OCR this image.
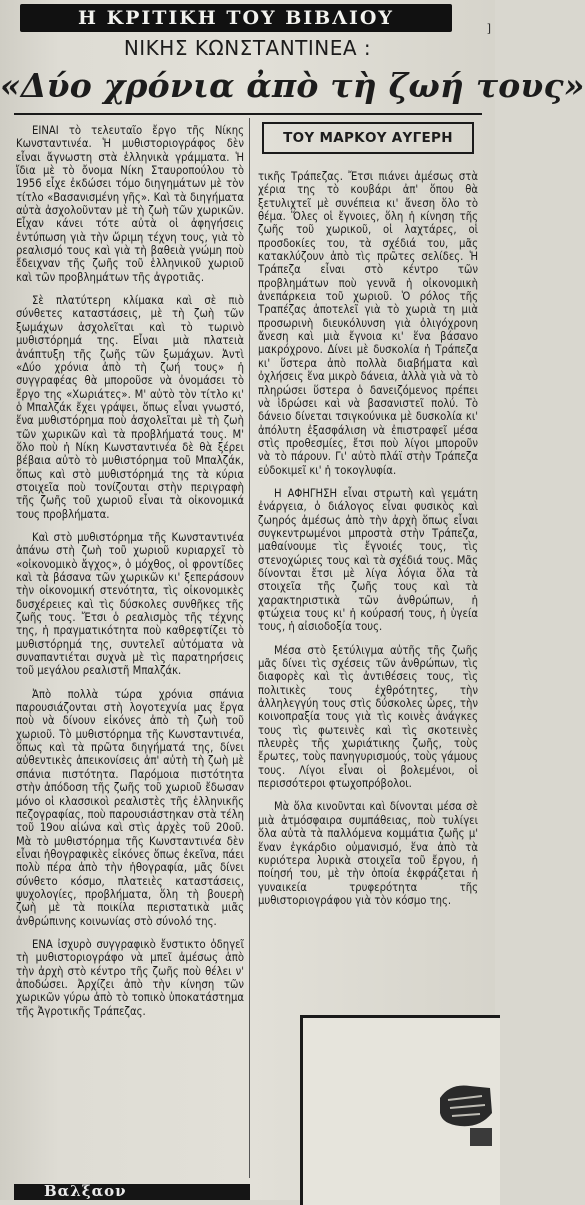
Η ΚΡΙΤΙΚΗ ΤΟΥ ΒΙΒΛΙΟΥ	]
ΝΙΚΗΣ ΚΩΝΣΤΑΝΤΙΝΕΑ :
«Δύο χρόνια ἀπὸ τὴ ζωή τους»

ΕΙΝΑΙ τὸ τελευταῖο ἔργο τῆς Νίκης Κωνσταντινέα. Ἡ μυθιστοριογράφος δὲν εἶναι ἄγνωστη στὰ ἑλληνικὰ γράμματα. Ἡ ἴδια μὲ τὸ ὄνομα Νίκη Σταυροπούλου τὸ 1956 εἶχε ἐκδώσει τόμο διηγημάτων μὲ τὸν τίτλο «Βασανισμένη γῆς». Καὶ τὰ διηγήματα αὐτὰ ἀσχολοῦνταν μὲ τὴ ζωὴ τῶν χωρικῶν. Εἶχαν κάνει τότε αὐτὰ οἱ ἀφηγήσεις ἐντύπωση γιὰ τὴν ὥριμη τέχνη τους, γιὰ τὸ ρεαλισμό τους καὶ γιὰ τὴ βαθειὰ γνώμη ποὺ ἔδειχναν τῆς ζωῆς τοῦ ἑλληνικοῦ χωριοῦ καὶ τῶν προβλημάτων τῆς ἀγροτιᾶς.

Σὲ πλατύτερη κλίμακα καὶ σὲ πιὸ σύνθετες καταστάσεις, μὲ τὴ ζωὴ τῶν ξωμάχων ἀσχολεῖται καὶ τὸ τωρινὸ μυθιστόρημά της. Εἶναι μιὰ πλατειὰ ἀνάπτυξη τῆς ζωῆς τῶν ξωμάχων. Ἀντὶ «Δύο χρόνια ἀπὸ τὴ ζωή τους» ἡ συγγραφέας θὰ μποροῦσε νὰ ὀνομάσει τὸ ἔργο της «Χωριάτες». Μ' αὐτὸ τὸν τίτλο κι' ὁ Μπαλζάκ ἔχει γράψει, ὅπως εἶναι γνωστό, ἕνα μυθιστόρημα ποὺ ἀσχολεῖται μὲ τὴ ζωὴ τῶν χωρικῶν καὶ τὰ προβλήματά τους. Μ' ὅλο ποὺ ἡ Νίκη Κωνσταντινέα δὲ θὰ ξέρει βέβαια αὐτὸ τὸ μυθιστόρημα τοῦ Μπαλζάκ, ὅπως καὶ στὸ μυθιστόρημά της τὰ κύρια στοιχεῖα ποὺ τονίζουται στὴν περιγραφὴ τῆς ζωῆς τοῦ χωριοῦ εἶναι τὰ οἰκονομικά τους προβλήματα.

Καὶ στὸ μυθιστόρημα τῆς Κωνσταντινέα ἀπάνω στὴ ζωὴ τοῦ χωριοῦ κυριαρχεῖ τὸ «οἰκονομικὸ ἄγχος», ὁ μόχθος, οἱ φροντίδες καὶ τὰ βάσανα τῶν χωρικῶν κι' ξεπεράσουν τὴν οἰκονομική στενότητα, τὶς οἰκονομικὲς δυσχέρειες καὶ τὶς δύσκολες συνθῆκες τῆς ζωῆς τους. Ἔτσι ὁ ρεαλισμὸς τῆς τέχνης της, ἡ πραγματικότητα ποὺ καθρεφτίζει τὸ μυθιστόρημά της, συντελεῖ αὐτόματα νὰ συναπαντιέται συχνὰ μὲ τὶς παρατηρήσεις τοῦ μεγάλου ρεαλιστῆ Μπαλζάκ.

Ἀπὸ πολλὰ τώρα χρόνια σπάνια παρουσιάζονται στὴ λογοτεχνία μας ἔργα ποὺ νὰ δίνουν εἰκόνες ἀπὸ τὴ ζωὴ τοῦ χωριοῦ. Τὸ μυθιστόρημα τῆς Κωνσταντινέα, ὅπως καὶ τὰ πρῶτα διηγήματά της, δίνει αὐθεντικὲς ἀπεικονίσεις ἀπ' αὐτὴ τὴ ζωὴ μὲ σπάνια πιστότητα. Παρόμοια πιστότητα στὴν ἀπόδοση τῆς ζωῆς τοῦ χωριοῦ ἔδωσαν μόνο οἱ κλασσικοὶ ρεαλιστὲς τῆς ἑλληνικῆς πεζογραφίας, ποὺ παρουσιάστηκαν στὰ τέλη τοῦ 19ου αἰώνα καὶ στὶς ἀρχὲς τοῦ 20οῦ. Μὰ τὸ μυθιστόρημα τῆς Κωνσταντινέα δὲν εἶναι ἠθογραφικὲς εἰκόνες ὅπως ἐκεῖνα, πάει πολὺ πέρα ἀπὸ τὴν ἠθογραφία, μᾶς δίνει σύνθετο κόσμο, πλατειὲς καταστάσεις, ψυχολογίες, προβλήματα, ὅλη τὴ βουερὴ ζωὴ μὲ τὰ ποικίλα περιστατικὰ μιᾶς ἀνθρώπινης κοινωνίας στὸ σύνολό της.

ΕΝΑ ἰσχυρὸ συγγραφικὸ ἔνστικτο ὁδηγεῖ τὴ μυθιστοριογράφο νὰ μπεῖ ἀμέσως ἀπὸ τὴν ἀρχὴ στὸ κέντρο τῆς ζωῆς ποὺ θέλει ν' ἀποδώσει. Ἀρχίζει ἀπὸ τὴν κίνηση τῶν χωρικῶν γύρω ἀπὸ τὸ τοπικὸ ὑποκατάστημα τῆς Ἀγροτικῆς Τράπεζας.

ΤΟΥ ΜΑΡΚΟΥ ΑΥΓΕΡΗ

τικῆς Τράπεζας. Ἔτσι πιάνει ἀμέσως στὰ χέρια της τὸ κουβάρι ἀπ' ὅπου θὰ ξετυλιχτεῖ μὲ συνέπεια κι' ἄνεση ὅλο τὸ θέμα. Ὅλες οἱ ἔγνοιες, ὅλη ἡ κίνηση τῆς ζωῆς τοῦ χωρικοῦ, οἱ λαχτάρες, οἱ προσδοκίες του, τὰ σχέδιά του, μᾶς κατακλύζουν ἀπὸ τὶς πρῶτες σελίδες. Ἡ Τράπεζα εἶναι στὸ κέντρο τῶν προβλημάτων ποὺ γεννᾶ ἡ οἰκονομικὴ ἀνεπάρκεια τοῦ χωριοῦ. Ὁ ρόλος τῆς Τραπέζας ἀποτελεῖ γιὰ τὸ χωριὰ τη μιὰ προσωρινὴ διευκόλυνση γιὰ ὀλιγόχρονη ἄνεση καὶ μιὰ ἔγνοια κι' ἕνα βάσανο μακρόχρονο. Δίνει μὲ δυσκολία ἡ Τράπεζα κι' ὕστερα ἀπὸ πολλὰ διαβήματα καὶ ὀχλήσεις ἕνα μικρὸ δάνεια, ἀλλὰ γιὰ νὰ τὸ πληρώσει ὕστερα ὁ δανειζόμενος πρέπει νὰ ἱδρώσει καὶ νὰ βασανιστεῖ πολύ. Τὸ δάνειο δίνεται τσιγκούνικα μὲ δυσκολία κι' ἀπόλυτη ἐξασφάλιση νὰ ἐπιστραφεῖ μέσα στὶς προθεσμίες, ἔτσι ποὺ λίγοι μποροῦν νὰ τὸ πάρουν. Γι' αὐτὸ πλάϊ στὴν Τράπεζα εὐδοκιμεῖ κι' ἡ τοκογλυφία.

Η ΑΦΗΓΗΣΗ εἶναι στρωτὴ καὶ γεμάτη ἐνάργεια, ὁ διάλογος εἶναι φυσικὸς καὶ ζωηρός ἀμέσως ἀπὸ τὴν ἀρχὴ ὅπως εἶναι συγκεντρωμένοι μπροστὰ στὴν Τράπεζα, μαθαίνουμε τὶς ἔγνοιές τους, τὶς στενοχώριες τους καὶ τὰ σχέδιά τους. Μᾶς δίνονται ἔτσι μὲ λίγα λόγια ὅλα τὰ στοιχεῖα τῆς ζωῆς τους καὶ τὰ χαρακτηριστικὰ τῶν ἀνθρώπων, ἡ φτώχεια τους κι' ἡ κούρασή τους, ἡ ὑγεία τους, ἡ αἰσιοδοξία τους.

Μέσα στὸ ξετύλιγμα αὐτῆς τῆς ζωῆς μᾶς δίνει τὶς σχέσεις τῶν ἀνθρώπων, τὶς διαφορὲς καὶ τὶς ἀντιθέσεις τους, τὶς πολιτικὲς τους ἐχθρότητες, τὴν ἀλληλεγγύη τους στὶς δύσκολες ὧρες, τὴν κοινοπραξία τους γιὰ τὶς κοινὲς ἀνάγκες τους τὶς φωτεινὲς καὶ τὶς σκοτεινὲς πλευρὲς τῆς χωριάτικης ζωῆς, τοὺς ἔρωτες, τοὺς πανηγυρισμούς, τοὺς γάμους τους. Λίγοι εἶναι οἱ βολεμένοι, οἱ περισσότεροι φτωχοπρόβολοι.

Μὰ ὅλα κινοῦνται καὶ δίνονται μέσα σὲ μιὰ ἀτμόσφαιρα συμπάθειας, ποὺ τυλίγει ὅλα αὐτὰ τὰ παλλόμενα κομμάτια ζωῆς μ' ἕναν ἐγκάρδιο οὐμανισμό, ἕνα ἀπὸ τὰ κυριότερα λυρικὰ στοιχεῖα τοῦ ἔργου, ἡ ποίησή του, μὲ τὴν ὁποία ἐκφράζεται ἡ γυναικεία τρυφερότητα τῆς μυθιστοριογράφου γιὰ τὸν κόσμο της.

Βαλξαον
